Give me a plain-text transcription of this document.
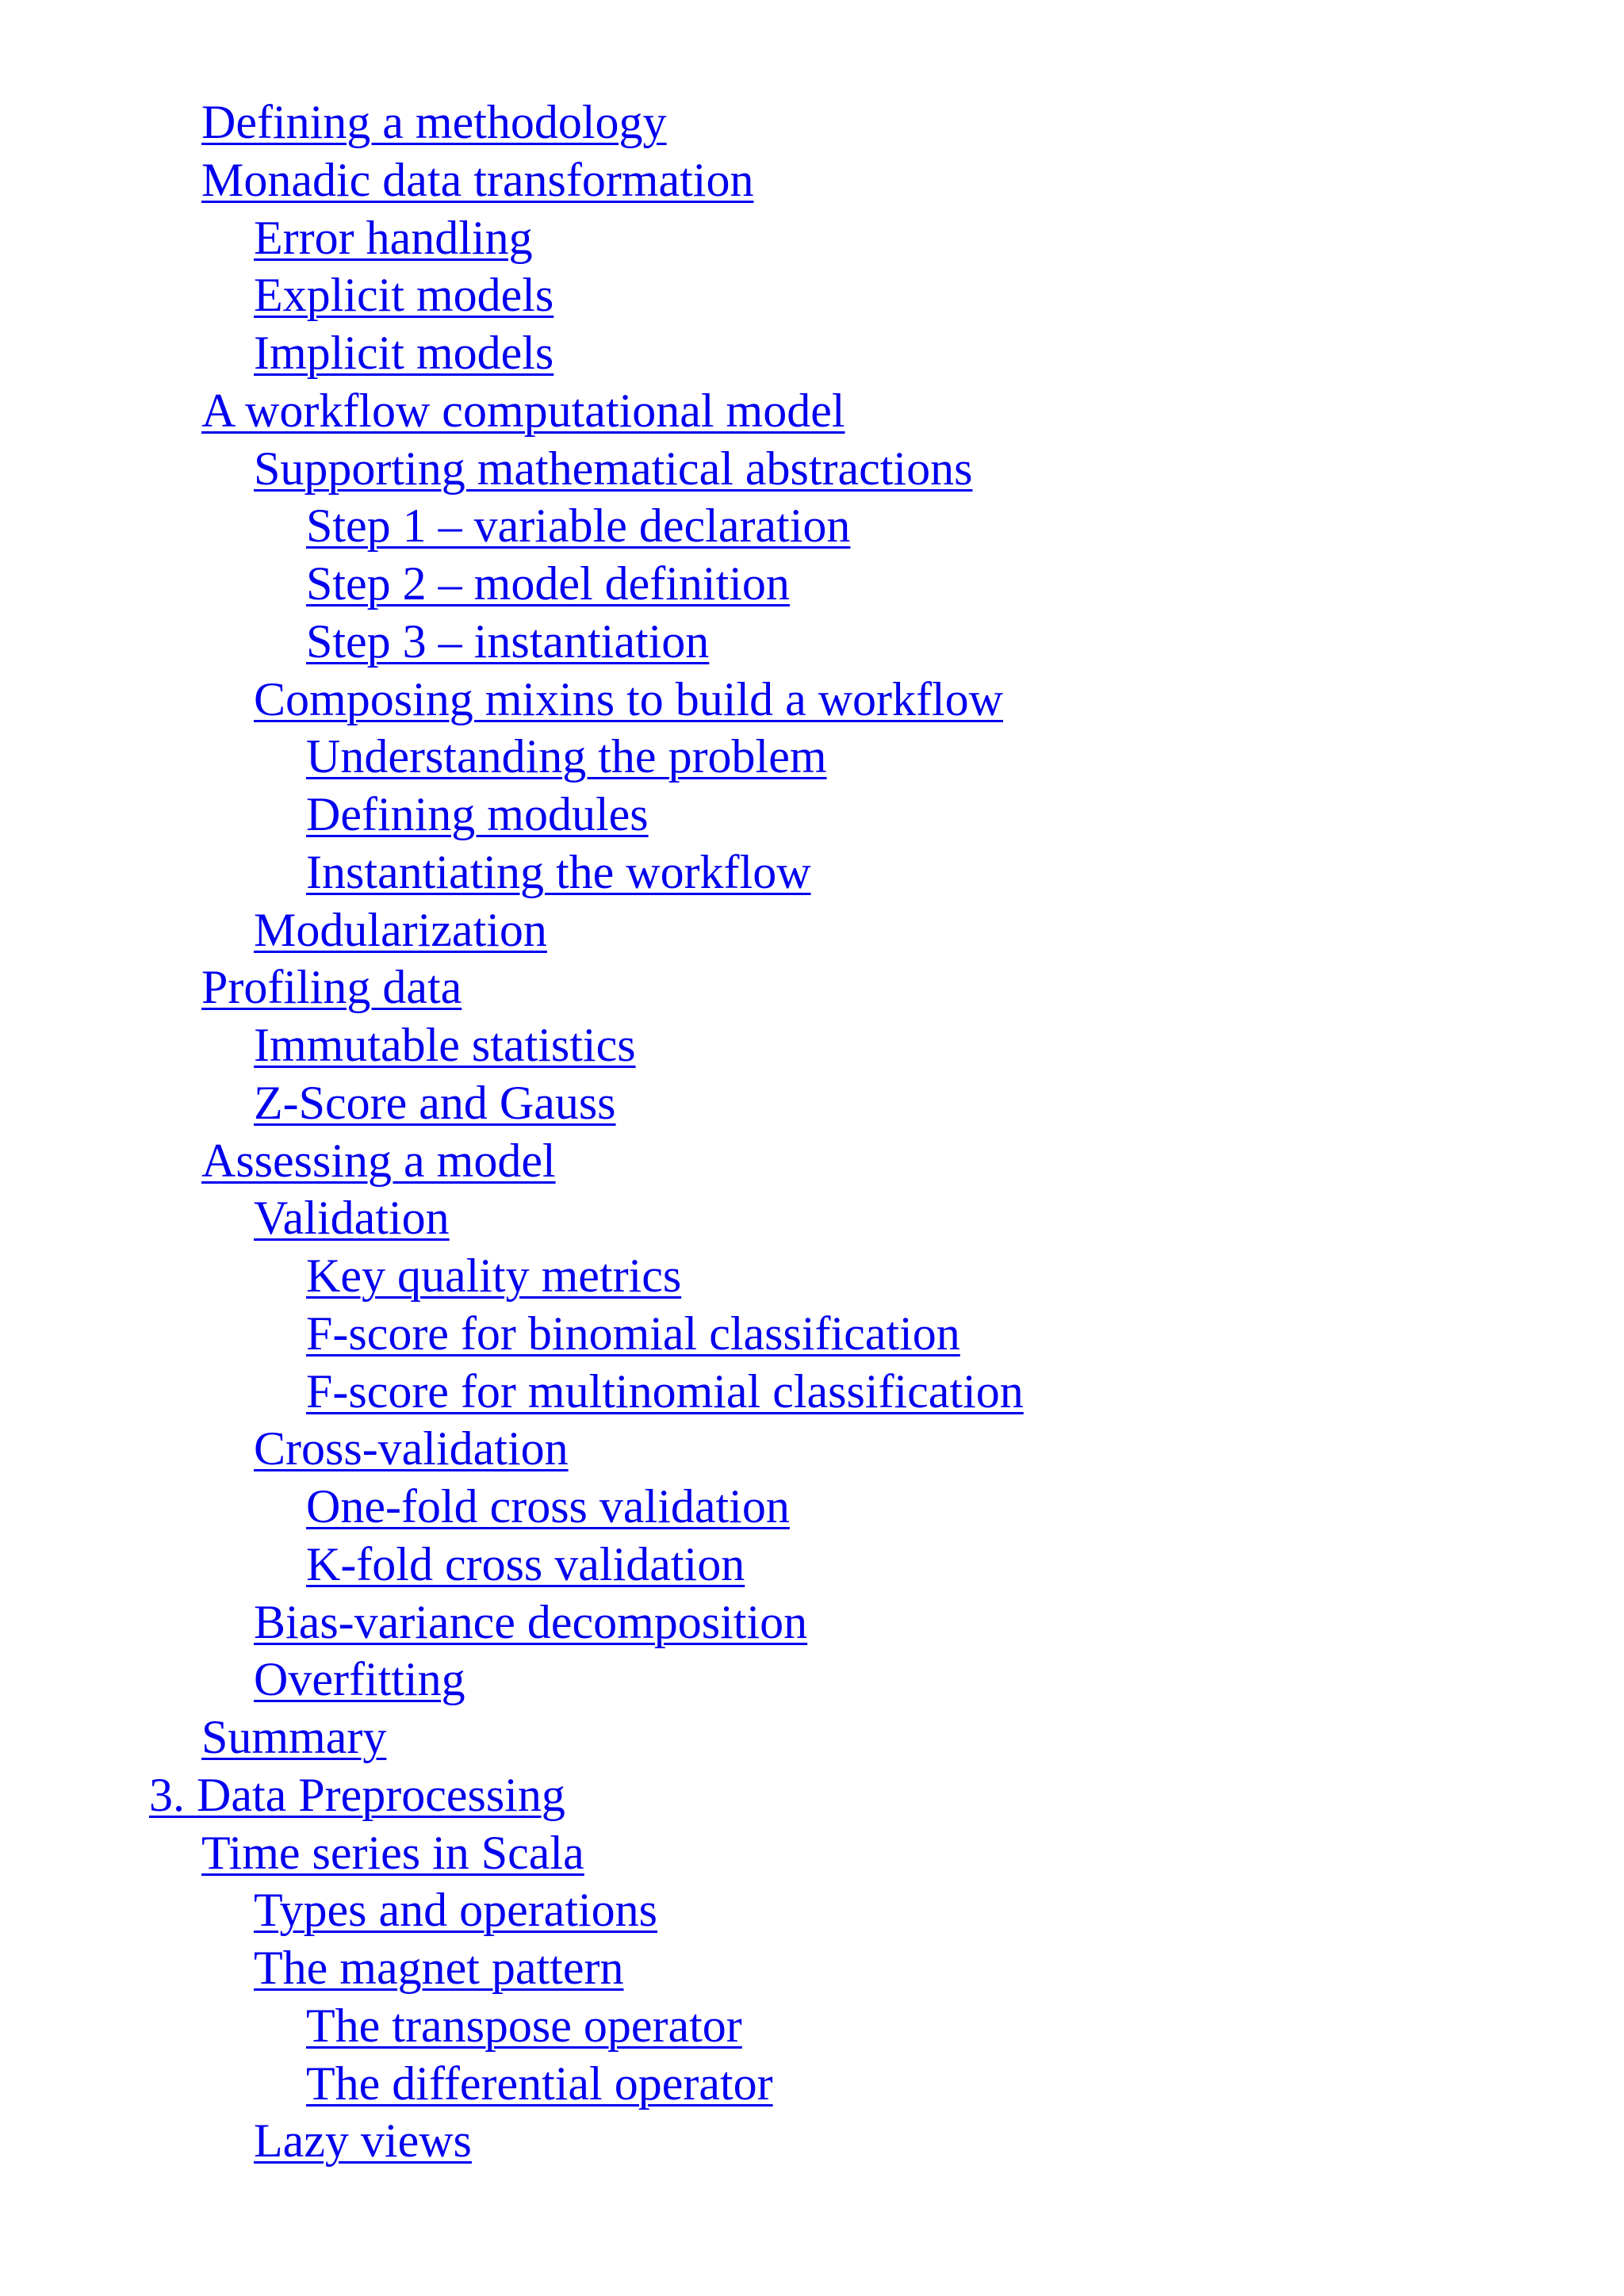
Defining a methodology
Monadic data transformation
Error handling
Explicit models
Implicit models
A workflow computational model
Supporting mathematical abstractions
Step 1 – variable declaration
Step 2 – model definition
Step 3 – instantiation
Composing mixins to build a workflow
Understanding the problem
Defining modules
Instantiating the workflow
Modularization
Profiling data
Immutable statistics
Z-Score and Gauss
Assessing a model
Validation
Key quality metrics
F-score for binomial classification
F-score for multinomial classification
Cross-validation
One-fold cross validation
K-fold cross validation
Bias-variance decomposition
Overfitting
Summary
3. Data Preprocessing
Time series in Scala
Types and operations
The magnet pattern
The transpose operator
The differential operator
Lazy views
